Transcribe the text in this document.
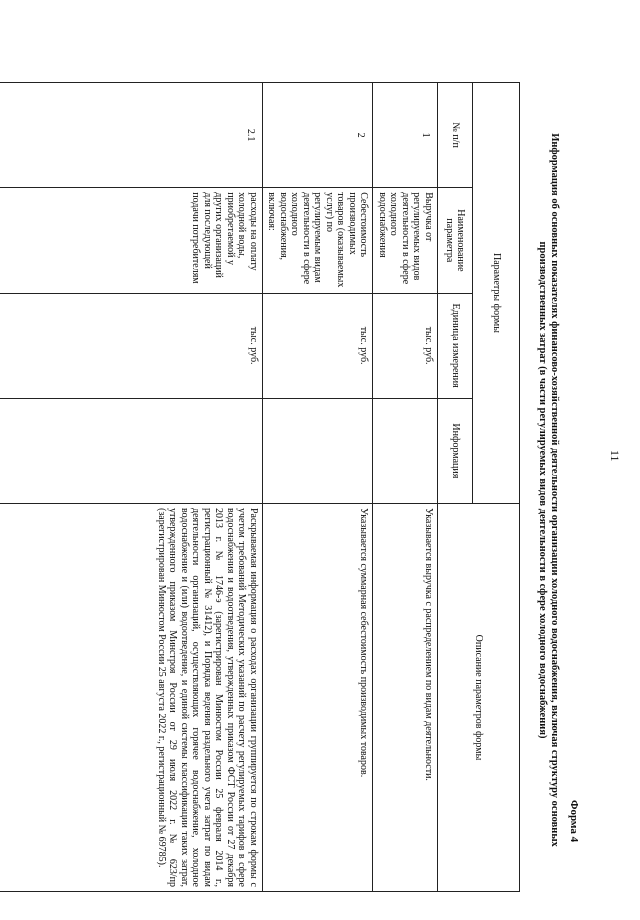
11
Форма 4
Информация об основных показателях финансово-хозяйственной деятельности организации холодного водоснабжения, включая структуру основных производственных затрат (в части регулируемых видов деятельности в сфере холодного водоснабжения)
Параметры формы				Описание параметров формы
№ п/п	Наименование параметра	Единица измерения	Информация	
1	Выручка от регулируемых видов деятельности в сфере холодного водоснабжения	тыс. руб.		Указывается выручка с распределением по видам деятельности.
2	Себестоимость производимых товаров (оказываемых услуг) по регулируемым видам деятельности в сфере холодного водоснабжения, включая:	тыс. руб.		Указывается суммарная себестоимость производимых товаров.
2.1	расходы на оплату холодной воды, приобретаемой у других организаций для последующей подачи потребителям	тыс. руб.		Раскрываемая информация о расходах организации группируется по строкам формы с учетом требований Методических указаний по расчету регулируемых тарифов в сфере водоснабжения и водоотведения, утвержденных приказом ФСТ России от 27 декабря 2013 г. № 1746-э (зарегистрирован Минюстом России 25 февраля 2014 г., регистрационный № 31412), и Порядка ведения раздельного учета затрат по видам деятельности организаций, осуществляющих горячее водоснабжение, холодное водоснабжение и (или) водоотведение, и единой системы классификации таких затрат, утвержденного приказом Минстроя России от 29 июля 2022 г. № 623/пр (зарегистрирован Минюстом России 25 августа 2022 г., регистрационный № 69785).
